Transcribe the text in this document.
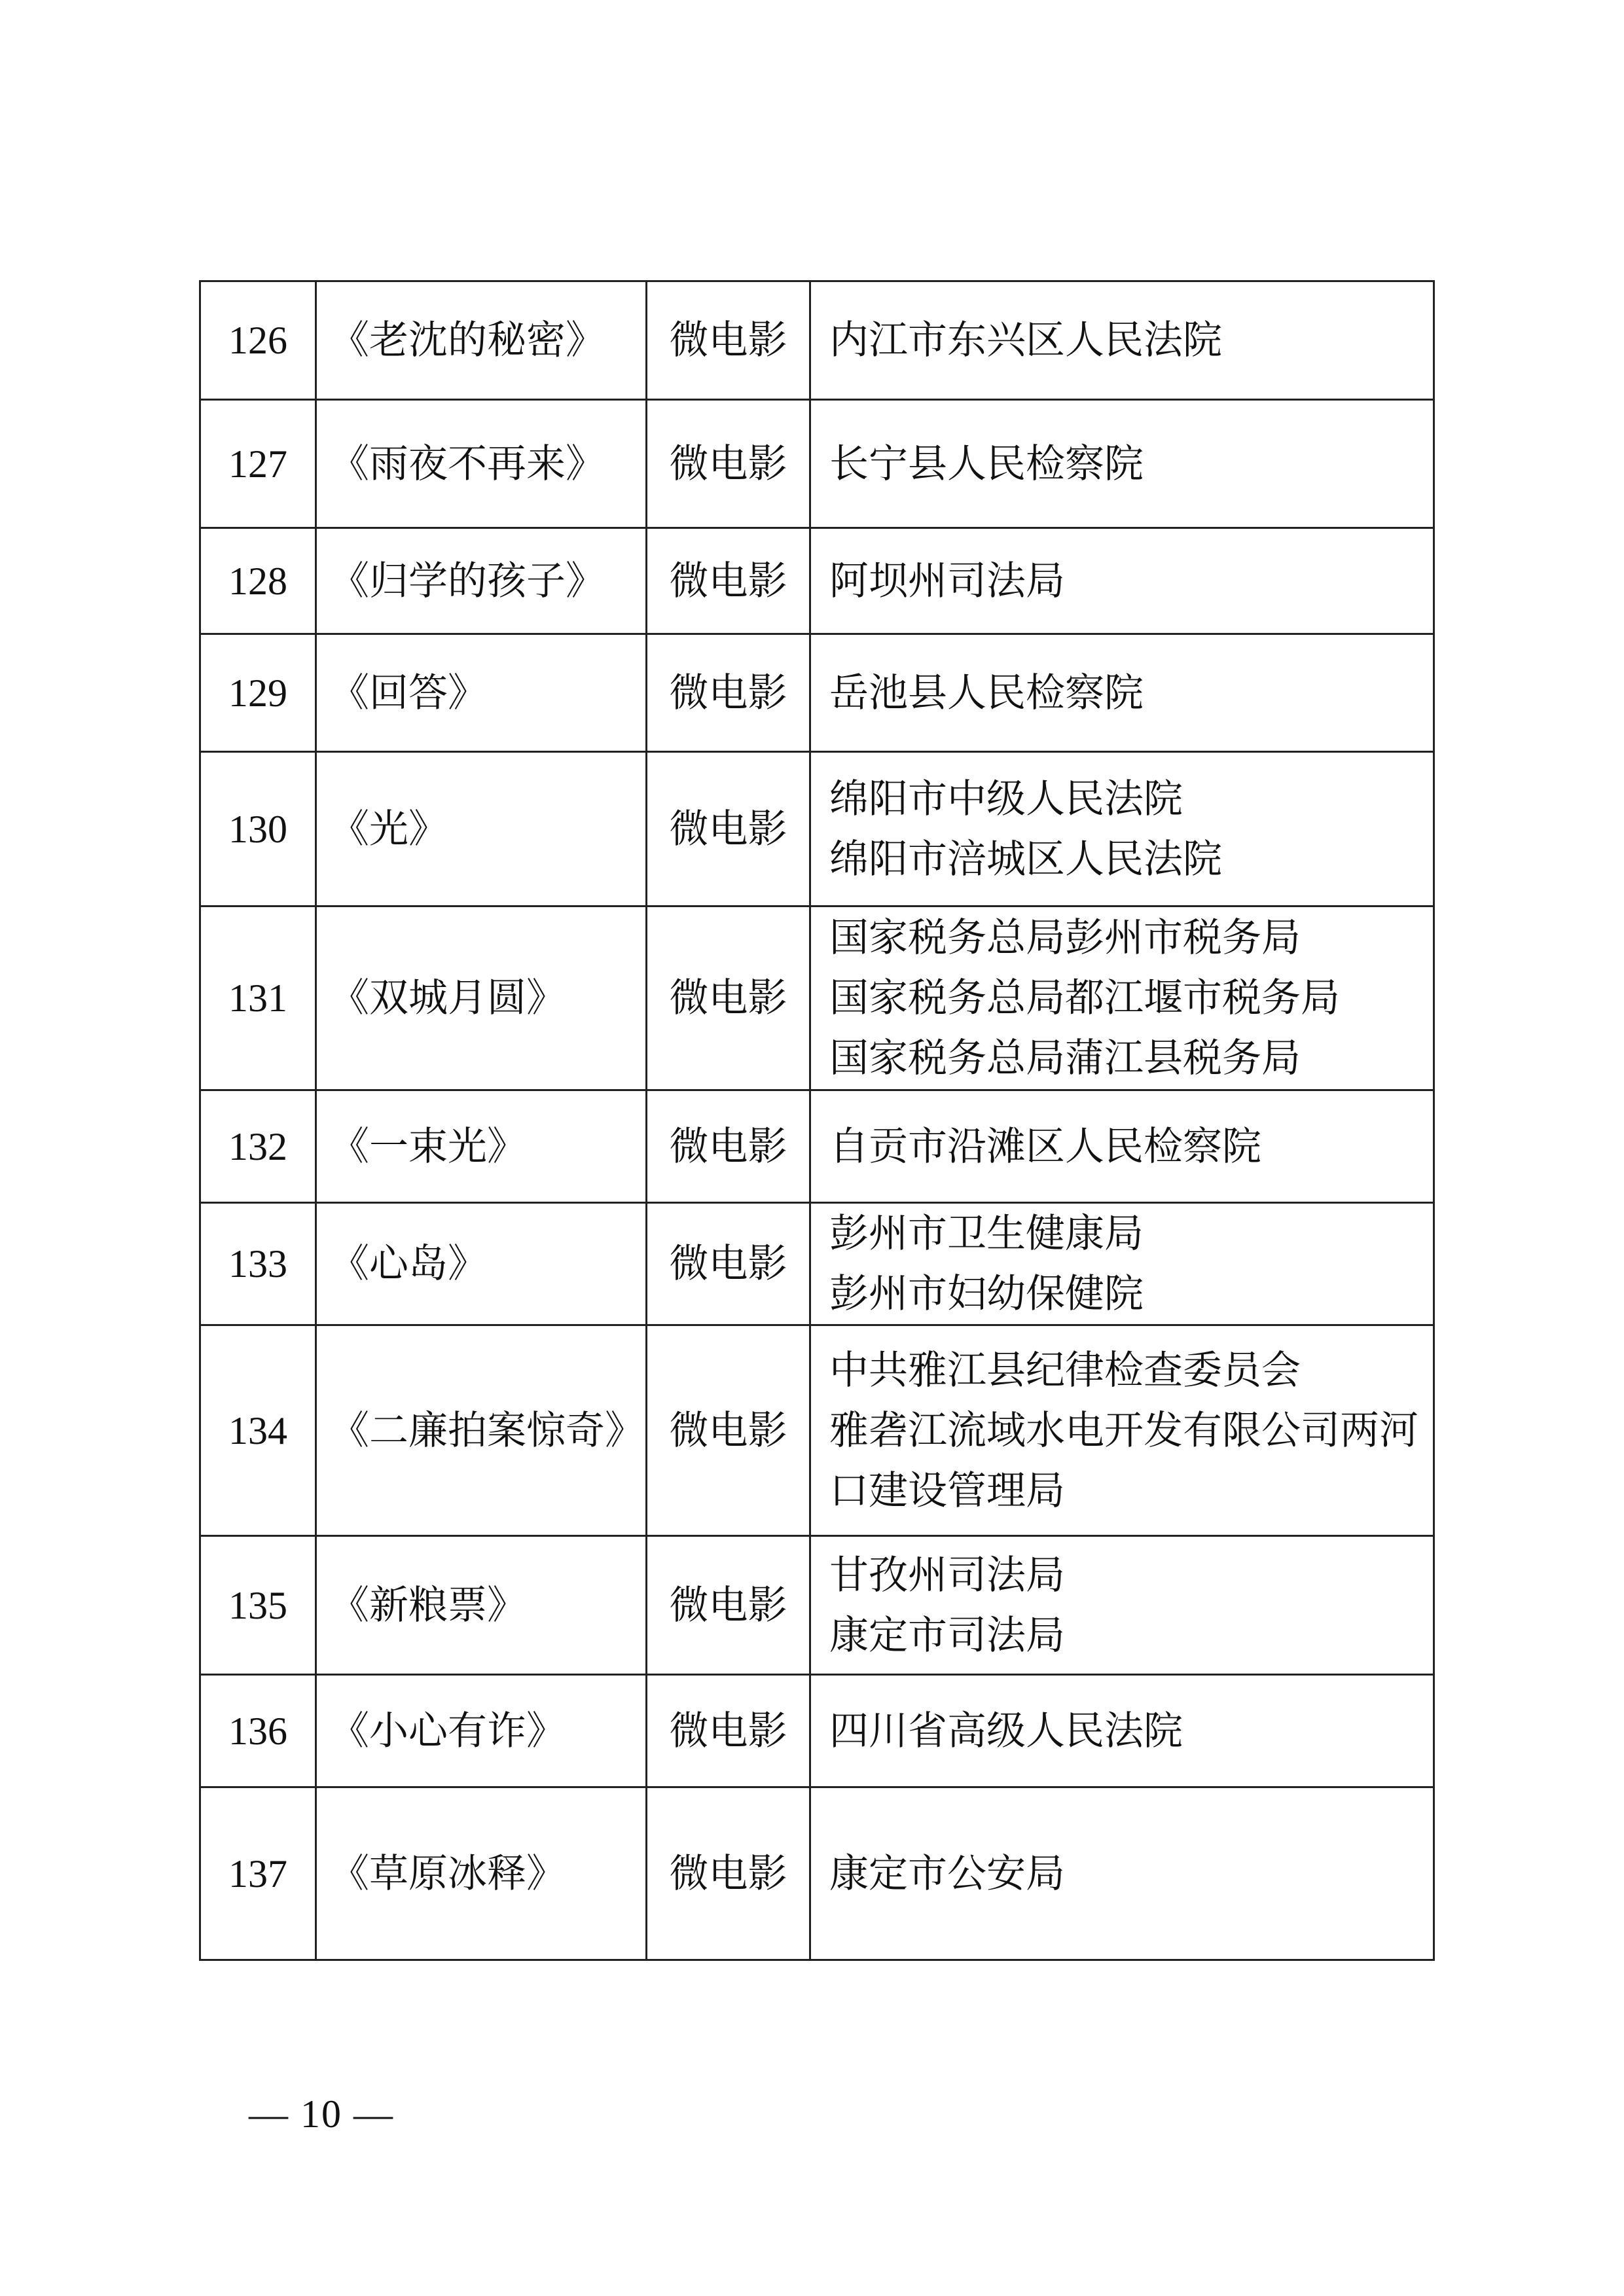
126	《老沈的秘密》	微电影	内江市东兴区人民法院

127	《雨夜不再来》	微电影	长宁县人民检察院

128	《归学的孩子》	微电影	阿坝州司法局

129	《回答》	微电影	岳池县人民检察院

130	《光》	微电影	绵阳市中级人民法院
绵阳市涪城区人民法院

131	《双城月圆》	微电影	国家税务总局彭州市税务局
国家税务总局都江堰市税务局
国家税务总局蒲江县税务局

132	《一束光》	微电影	自贡市沿滩区人民检察院

133	《心岛》	微电影	彭州市卫生健康局
彭州市妇幼保健院

134	《二廉拍案惊奇》	微电影	中共雅江县纪律检查委员会
雅砻江流域水电开发有限公司两河
口建设管理局

135	《新粮票》	微电影	甘孜州司法局
康定市司法局

136	《小心有诈》	微电影	四川省高级人民法院

137	《草原冰释》	微电影	康定市公安局
— 10 —
